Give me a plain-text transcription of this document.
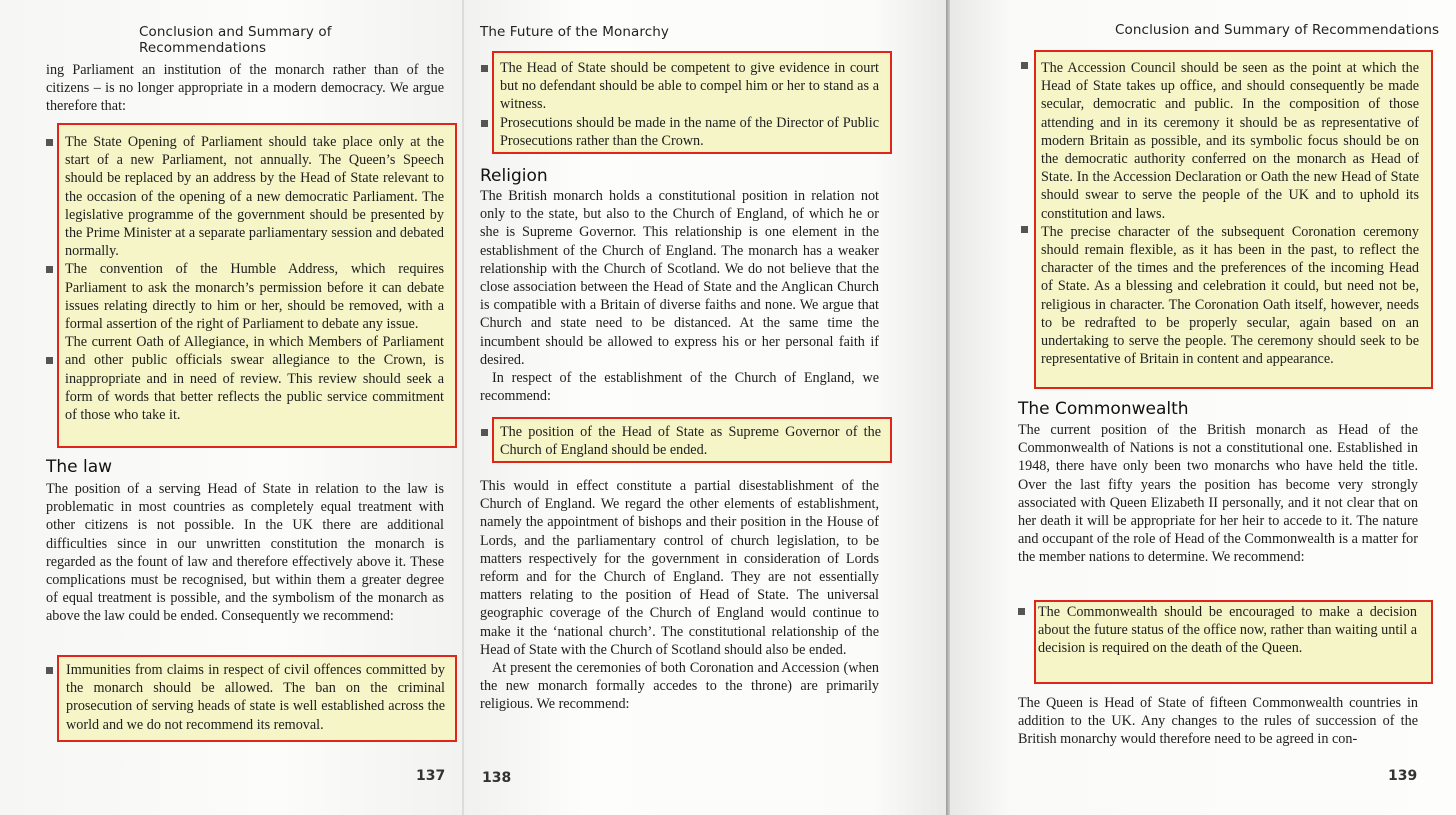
Conclusion and Summary of Recommendations

ing Parliament an institution of the monarch rather than of the citizens – is no longer appropriate in a modern democracy. We argue therefore that:

The State Opening of Parliament should take place only at the start of a new Parliament, not annually. The Queen’s Speech should be replaced by an address by the Head of State relevant to the occasion of the opening of a new democratic Parliament. The legislative programme of the government should be presented by the Prime Minister at a separate parliamentary session and debated normally.

The convention of the Humble Address, which requires Parliament to ask the monarch’s permission before it can debate issues relating directly to him or her, should be removed, with a formal assertion of the right of Parliament to debate any issue.

The current Oath of Allegiance, in which Members of Parliament and other public officials swear allegiance to the Crown, is inappropriate and in need of review. This review should seek a form of words that better reflects the public service commitment of those who take it.

The law

The position of a serving Head of State in relation to the law is problematic in most countries as completely equal treatment with other citizens is not possible. In the UK there are additional difficulties since in our unwritten constitution the monarch is regarded as the fount of law and therefore effectively above it. These complications must be recognised, but within them a greater degree of equal treatment is possible, and the symbolism of the monarch as above the law could be ended. Consequently we recommend:

Immunities from claims in respect of civil offences committed by the monarch should be allowed. The ban on the criminal prosecution of serving heads of state is well established across the world and we do not recommend its removal.

137
The Future of the Monarchy

The Head of State should be competent to give evidence in court but no defendant should be able to compel him or her to stand as a witness.

Prosecutions should be made in the name of the Director of Public Prosecutions rather than the Crown.

Religion

The British monarch holds a constitutional position in relation not only to the state, but also to the Church of England, of which he or she is Supreme Governor. This relationship is one element in the establishment of the Church of England. The monarch has a weaker relationship with the Church of Scotland. We do not believe that the close association between the Head of State and the Anglican Church is compatible with a Britain of diverse faiths and none. We argue that Church and state need to be distanced. At the same time the incumbent should be allowed to express his or her personal faith if desired.

In respect of the establishment of the Church of England, we recommend:

The position of the Head of State as Supreme Governor of the Church of England should be ended.

This would in effect constitute a partial disestablishment of the Church of England. We regard the other elements of establishment, namely the appointment of bishops and their position in the House of Lords, and the parliamentary control of church legislation, to be matters respectively for the government in consideration of Lords reform and for the Church of England. They are not essentially matters relating to the position of Head of State. The universal geographic coverage of the Church of England would continue to make it the ‘national church’. The constitutional relationship of the Head of State with the Church of Scotland should also be ended.

At present the ceremonies of both Coronation and Accession (when the new monarch formally accedes to the throne) are primarily religious. We recommend:

138
Conclusion and Summary of Recommendations

The Accession Council should be seen as the point at which the Head of State takes up office, and should consequently be made secular, democratic and public. In the composition of those attending and in its ceremony it should be as representative of modern Britain as possible, and its symbolic focus should be on the democratic authority conferred on the monarch as Head of State. In the Accession Declaration or Oath the new Head of State should swear to serve the people of the UK and to uphold its constitution and laws.

The precise character of the subsequent Coronation ceremony should remain flexible, as it has been in the past, to reflect the character of the times and the preferences of the incoming Head of State. As a blessing and celebration it could, but need not be, religious in character. The Coronation Oath itself, however, needs to be redrafted to be properly secular, again based on an undertaking to serve the people. The ceremony should seek to be representative of Britain in content and appearance.

The Commonwealth

The current position of the British monarch as Head of the Commonwealth of Nations is not a constitutional one. Established in 1948, there have only been two monarchs who have held the title. Over the last fifty years the position has become very strongly associated with Queen Elizabeth II personally, and it not clear that on her death it will be appropriate for her heir to accede to it. The nature and occupant of the role of Head of the Commonwealth is a matter for the member nations to determine. We recommend:

The Commonwealth should be encouraged to make a decision about the future status of the office now, rather than waiting until a decision is required on the death of the Queen.

The Queen is Head of State of fifteen Commonwealth countries in addition to the UK. Any changes to the rules of succession of the British monarchy would therefore need to be agreed in con-

139
